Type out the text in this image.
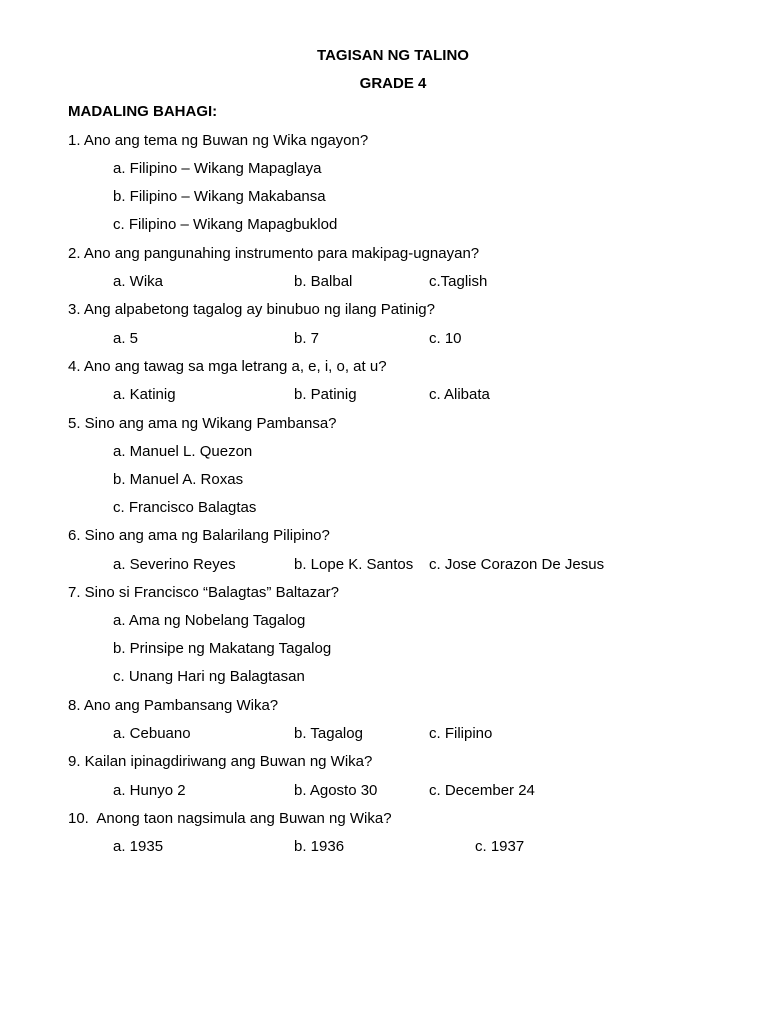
TAGISAN NG TALINO
GRADE 4
MADALING BAHAGI:
1. Ano ang tema ng Buwan ng Wika ngayon?
a. Filipino – Wikang Mapaglaya
b. Filipino – Wikang Makabansa
c. Filipino – Wikang Mapagbuklod
2. Ano ang pangunahing instrumento para makipag-ugnayan?
a. Wika	b. Balbal	c.Taglish
3. Ang alpabetong tagalog ay binubuo ng ilang Patinig?
a. 5	b. 7	c. 10
4. Ano ang tawag sa mga letrang a, e, i, o, at u?
a. Katinig	b. Patinig	c. Alibata
5. Sino ang ama ng Wikang Pambansa?
a. Manuel L. Quezon
b. Manuel A. Roxas
c. Francisco Balagtas
6. Sino ang ama ng Balarilang Pilipino?
a. Severino Reyes	b. Lope K. Santos c. Jose Corazon De Jesus
7. Sino si Francisco “Balagtas” Baltazar?
a. Ama ng Nobelang Tagalog
b. Prinsipe ng Makatang Tagalog
c. Unang Hari ng Balagtasan
8. Ano ang Pambansang Wika?
a. Cebuano	b. Tagalog	c. Filipino
9. Kailan ipinagdiriwang ang Buwan ng Wika?
a. Hunyo 2	b. Agosto 30	c. December 24
10.  Anong taon nagsimula ang Buwan ng Wika?
a. 1935	b. 1936	c. 1937
